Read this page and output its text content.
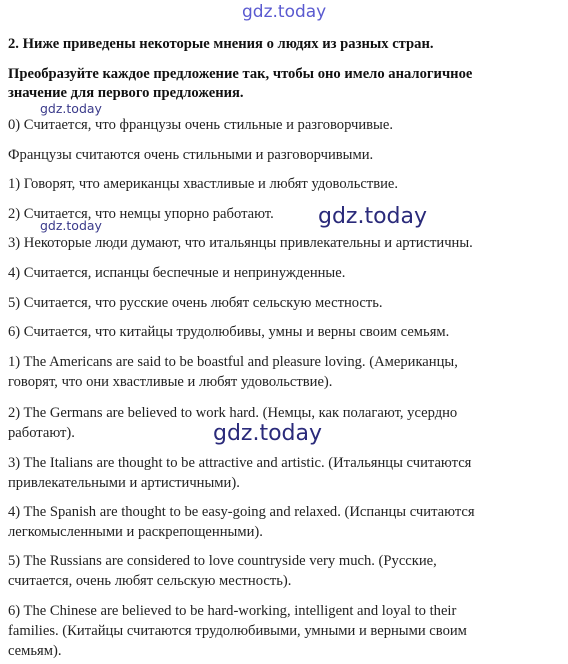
gdz.today
2. Ниже приведены некоторые мнения о людях из разных стран.
Преобразуйте каждое предложение так, чтобы оно имело аналогичное
значение для первого предложения.
gdz.today
0) Считается, что французы очень стильные и разговорчивые.
Французы считаются очень стильными и разговорчивыми.
1) Говорят, что американцы хвастливые и любят удовольствие.
2) Считается, что немцы упорно работают. gdz.today
gdz.today
3) Некоторые люди думают, что итальянцы привлекательны и артистичны.
4) Считается, испанцы беспечные и непринужденные.
5) Считается, что русские очень любят сельскую местность.
6) Считается, что китайцы трудолюбивы, умны и верны своим семьям.
1) The Americans are said to be boastful and pleasure loving. (Американцы,
говорят, что они хвастливые и любят удовольствие).
2) The Germans are believed to work hard. (Немцы, как полагают, усердно
работают).	gdz.today
3) The Italians are thought to be attractive and artistic. (Итальянцы считаются
привлекательными и артистичными).
4) The Spanish are thought to be easy-going and relaxed. (Испанцы считаются
легкомысленными и раскрепощенными).
5) The Russians are considered to love countryside very much. (Русские,
считается, очень любят сельскую местность).
6) The Chinese are believed to be hard-working, intelligent and loyal to their
families. (Китайцы считаются трудолюбивыми, умными и верными своим
семьям).
